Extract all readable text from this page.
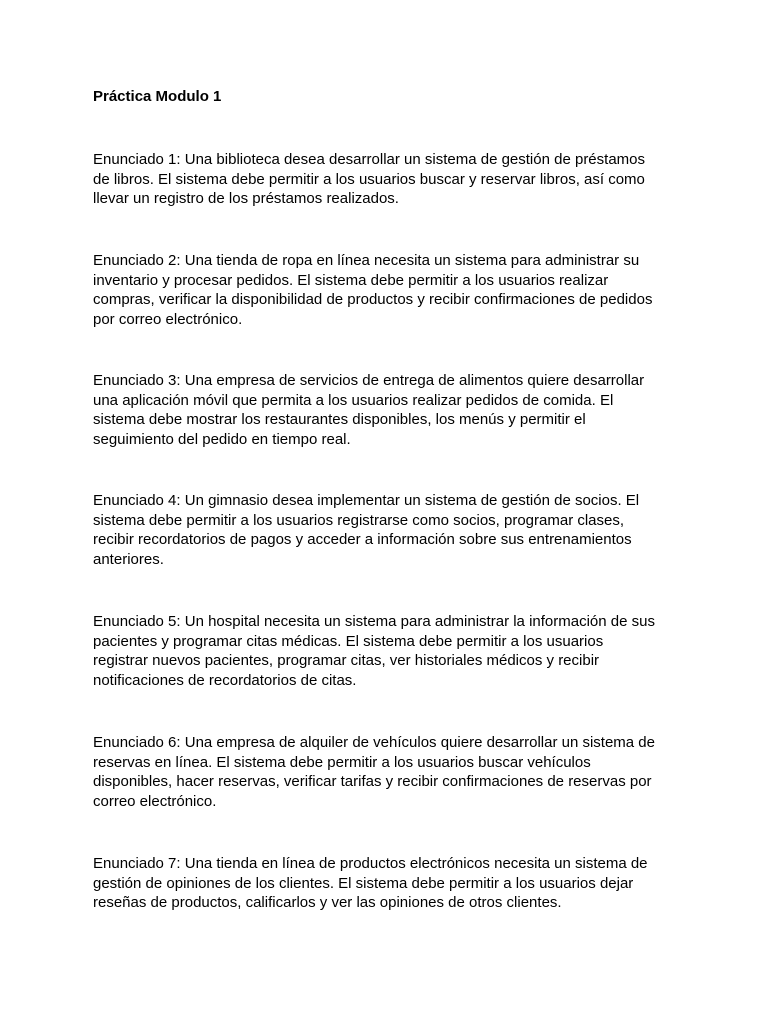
Práctica Modulo 1

Enunciado 1: Una biblioteca desea desarrollar un sistema de gestión de préstamos
de libros. El sistema debe permitir a los usuarios buscar y reservar libros, así como
llevar un registro de los préstamos realizados.

Enunciado 2: Una tienda de ropa en línea necesita un sistema para administrar su
inventario y procesar pedidos. El sistema debe permitir a los usuarios realizar
compras, verificar la disponibilidad de productos y recibir confirmaciones de pedidos
por correo electrónico.

Enunciado 3: Una empresa de servicios de entrega de alimentos quiere desarrollar
una aplicación móvil que permita a los usuarios realizar pedidos de comida. El
sistema debe mostrar los restaurantes disponibles, los menús y permitir el
seguimiento del pedido en tiempo real.

Enunciado 4: Un gimnasio desea implementar un sistema de gestión de socios. El
sistema debe permitir a los usuarios registrarse como socios, programar clases,
recibir recordatorios de pagos y acceder a información sobre sus entrenamientos
anteriores.

Enunciado 5: Un hospital necesita un sistema para administrar la información de sus
pacientes y programar citas médicas. El sistema debe permitir a los usuarios
registrar nuevos pacientes, programar citas, ver historiales médicos y recibir
notificaciones de recordatorios de citas.

Enunciado 6: Una empresa de alquiler de vehículos quiere desarrollar un sistema de
reservas en línea. El sistema debe permitir a los usuarios buscar vehículos
disponibles, hacer reservas, verificar tarifas y recibir confirmaciones de reservas por
correo electrónico.

Enunciado 7: Una tienda en línea de productos electrónicos necesita un sistema de
gestión de opiniones de los clientes. El sistema debe permitir a los usuarios dejar
reseñas de productos, calificarlos y ver las opiniones de otros clientes.
